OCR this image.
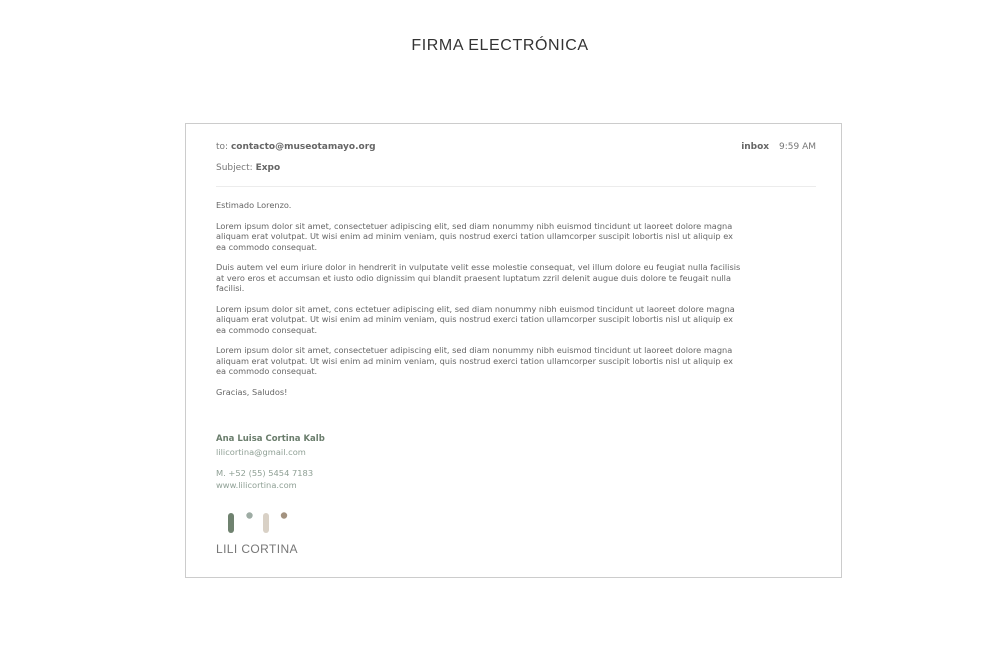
FIRMA ELECTRÓNICA
to: contacto@museotamayo.org
Subject: Expo
inbox 9:59 AM

Estimado Lorenzo.

Lorem ipsum dolor sit amet, consectetuer adipiscing elit, sed diam nonummy nibh euismod tincidunt ut laoreet dolore magna aliquam erat volutpat. Ut wisi enim ad minim veniam, quis nostrud exerci tation ullamcorper suscipit lobortis nisl ut aliquip ex ea commodo consequat.

Duis autem vel eum iriure dolor in hendrerit in vulputate velit esse molestie consequat, vel illum dolore eu feugiat nulla facilisis at vero eros et accumsan et iusto odio dignissim qui blandit praesent luptatum zzril delenit augue duis dolore te feugait nulla facilisi.

Lorem ipsum dolor sit amet, cons ectetuer adipiscing elit, sed diam nonummy nibh euismod tincidunt ut laoreet dolore magna aliquam erat volutpat. Ut wisi enim ad minim veniam, quis nostrud exerci tation ullamcorper suscipit lobortis nisl ut aliquip ex ea commodo consequat.

Lorem ipsum dolor sit amet, consectetuer adipiscing elit, sed diam nonummy nibh euismod tincidunt ut laoreet dolore magna aliquam erat volutpat. Ut wisi enim ad minim veniam, quis nostrud exerci tation ullamcorper suscipit lobortis nisl ut aliquip ex ea commodo consequat.

Gracias, Saludos!

Ana Luisa Cortina Kalb
lilicortina@gmail.com
M. +52 (55) 5454 7183
www.lilicortina.com
LILI CORTINA
